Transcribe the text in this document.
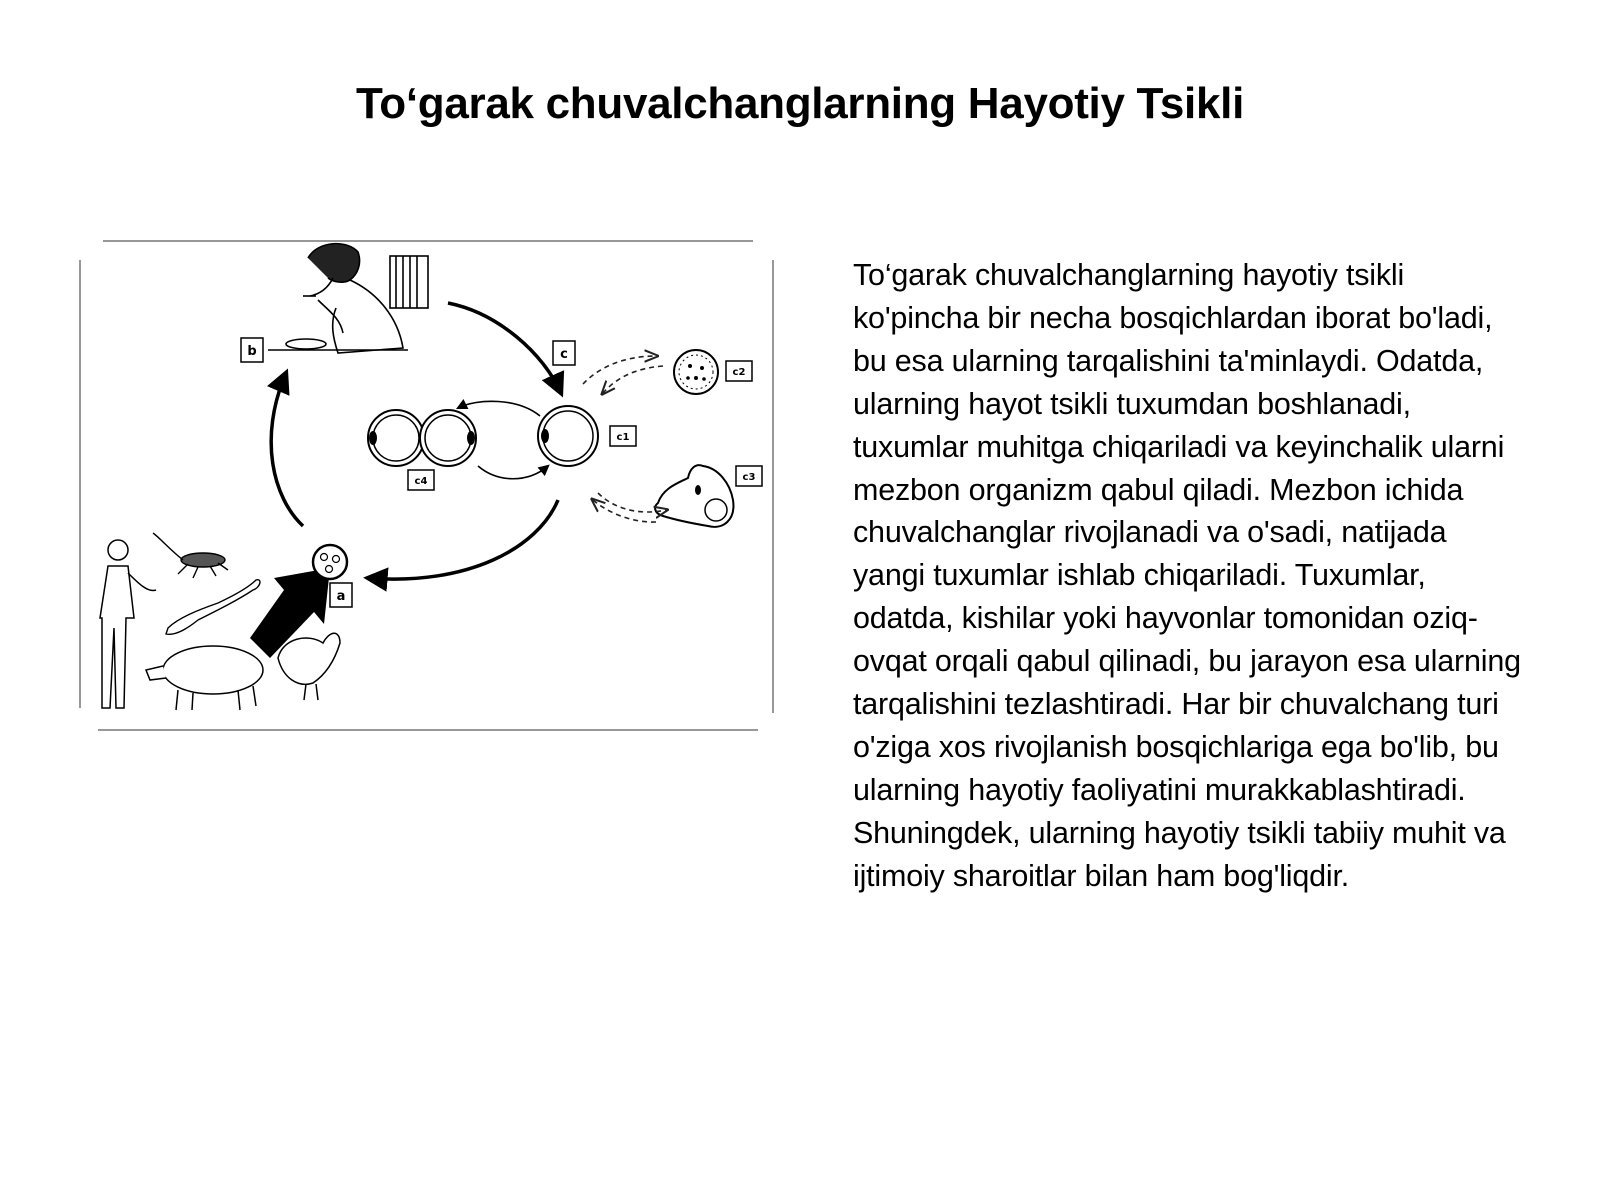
To‘garak chuvalchanglarning Hayotiy Tsikli
b	c
c2
c1
c3
c4
a
To‘garak chuvalchanglarning hayotiy tsikli ko'pincha bir necha bosqichlardan iborat bo'ladi, bu esa ularning tarqalishini ta'minlaydi. Odatda, ularning hayot tsikli tuxumdan boshlanadi, tuxumlar muhitga chiqariladi va keyinchalik ularni mezbon organizm qabul qiladi. Mezbon ichida chuvalchanglar rivojlanadi va o'sadi, natijada yangi tuxumlar ishlab chiqariladi. Tuxumlar, odatda, kishilar yoki hayvonlar tomonidan oziq-ovqat orqali qabul qilinadi, bu jarayon esa ularning tarqalishini tezlashtiradi. Har bir chuvalchang turi o'ziga xos rivojlanish bosqichlariga ega bo'lib, bu ularning hayotiy faoliyatini murakkablashtiradi. Shuningdek, ularning hayotiy tsikli tabiiy muhit va ijtimoiy sharoitlar bilan ham bog'liqdir.
